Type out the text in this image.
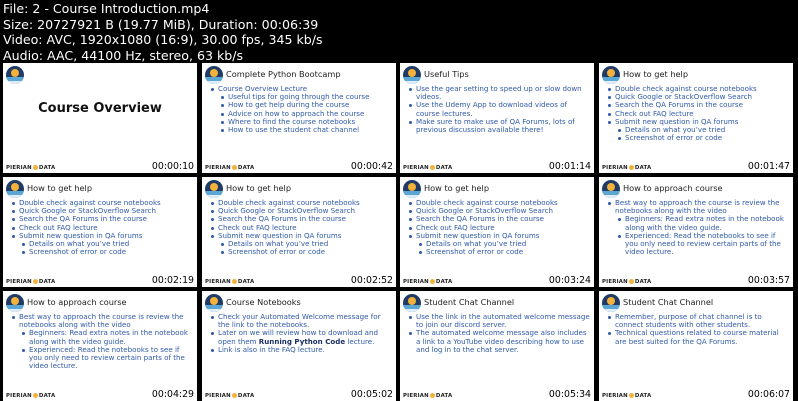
File: 2 - Course Introduction.mp4
Size: 20727921 B (19.77 MiB), Duration: 00:06:39
Video: AVC, 1920x1080 (16:9), 30.00 fps, 345 kb/s
Audio: AAC, 44100 Hz, stereo, 63 kb/s
Course Overview
PIERIAN DATA	00:00:10
Complete Python Bootcamp
Course Overview Lecture
Useful tips for going through the course
How to get help during the course
Advice on how to approach the course
Where to find the course notebooks
How to use the student chat channel
PIERIAN DATA	00:00:42
Useful Tips
Use the gear setting to speed up or slow down videos.
Use the Udemy App to download videos of course lectures.
Make sure to make use of QA Forums, lots of previous discussion available there!
PIERIAN DATA	00:01:14
How to get help
Double check against course notebooks
Quick Google or StackOverflow Search
Search the QA Forums in the course
Check out FAQ lecture
Submit new question in QA forums
Details on what you’ve tried
Screenshot of error or code
PIERIAN DATA	00:01:47
How to get help
Double check against course notebooks
Quick Google or StackOverflow Search
Search the QA Forums in the course
Check out FAQ lecture
Submit new question in QA forums
Details on what you’ve tried
Screenshot of error or code
PIERIAN DATA	00:02:19
How to get help
Double check against course notebooks
Quick Google or StackOverflow Search
Search the QA Forums in the course
Check out FAQ lecture
Submit new question in QA forums
Details on what you’ve tried
Screenshot of error or code
PIERIAN DATA	00:02:52
How to get help
Double check against course notebooks
Quick Google or StackOverflow Search
Search the QA Forums in the course
Check out FAQ lecture
Submit new question in QA forums
Details on what you’ve tried
Screenshot of error or code
PIERIAN DATA	00:03:24
How to approach course
Best way to approach the course is review the notebooks along with the video
Beginners: Read extra notes in the notebook along with the video guide.
Experienced: Read the notebooks to see if you only need to review certain parts of the video lecture.
PIERIAN DATA	00:03:57
How to approach course
Best way to approach the course is review the notebooks along with the video
Beginners: Read extra notes in the notebook along with the video guide.
Experienced: Read the notebooks to see if you only need to review certain parts of the video lecture.
PIERIAN DATA	00:04:29
Course Notebooks
Check your Automated Welcome message for the link to the notebooks.
Later on we will review how to download and open them Running Python Code lecture.
Link is also in the FAQ lecture.
PIERIAN DATA	00:05:02
Student Chat Channel
Use the link in the automated welcome message to join our discord server.
The automated welcome message also includes a link to a YouTube video describing how to use and log in to the chat server.
PIERIAN DATA	00:05:34
Student Chat Channel
Remember, purpose of chat channel is to connect students with other students.
Technical questions related to course material are best suited for the QA Forums.
PIERIAN DATA	00:06:07
